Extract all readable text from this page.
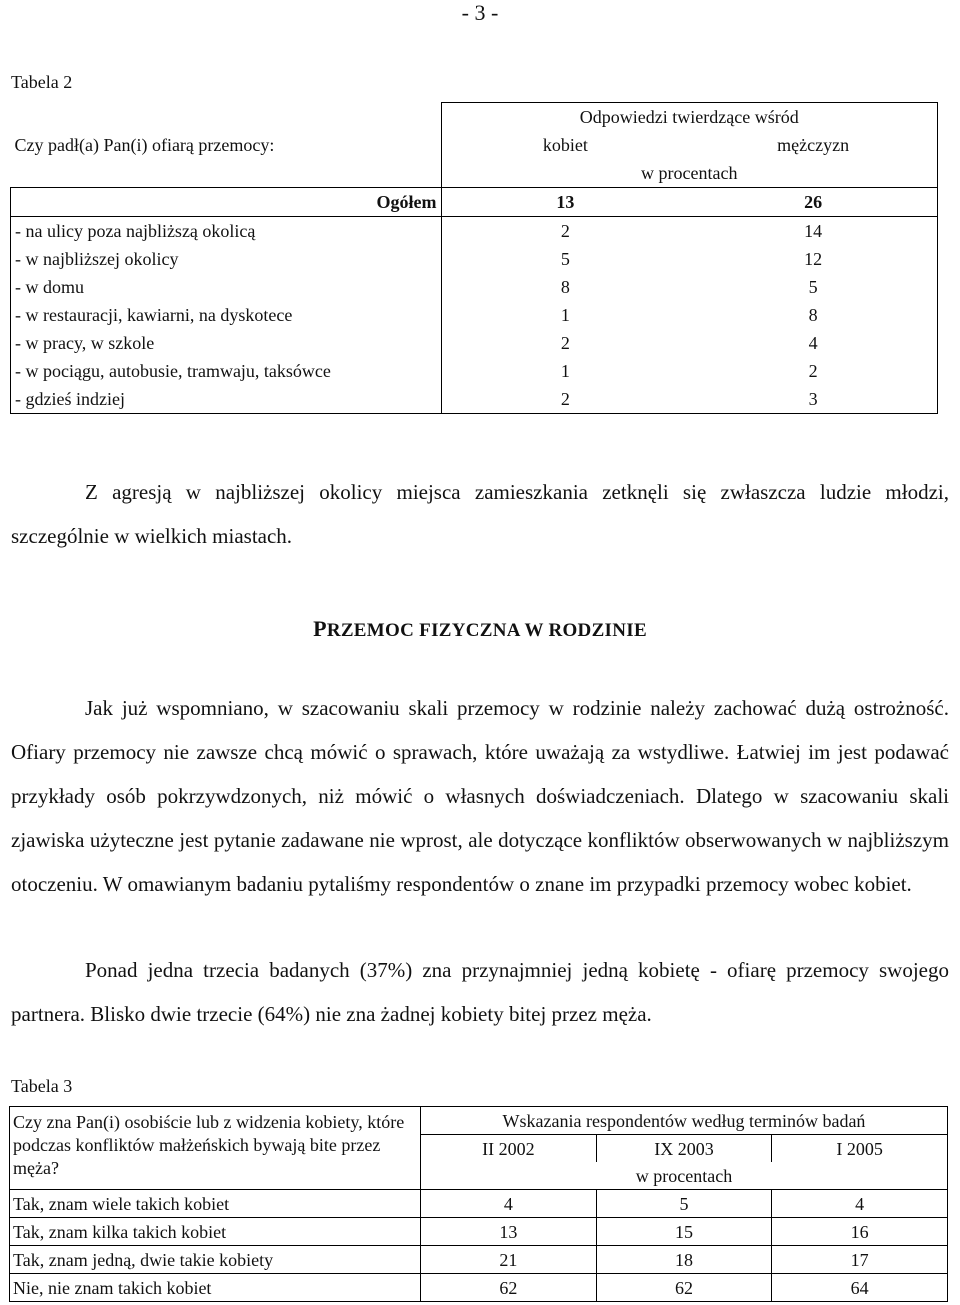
- 3 -
Tabela 2
	Odpowiedzi twierdzące wśród	
Czy padł(a) Pan(i) ofiarą przemocy:	kobiet	mężczyzn
	w procentach	
Ogółem	13	26
- na ulicy poza najbliższą okolicą	2	14
- w najbliższej okolicy	5	12
- w domu	8	5
- w restauracji, kawiarni, na dyskotece	1	8
- w pracy, w szkole	2	4
- w pociągu, autobusie, tramwaju, taksówce	1	2
- gdzieś indziej	2	3

Z agresją w najbliższej okolicy miejsca zamieszkania zetknęli się zwłaszcza ludzie młodzi, szczególnie w wielkich miastach.

PRZEMOC FIZYCZNA W RODZINIE

Jak już wspomniano, w szacowaniu skali przemocy w rodzinie należy zachować dużą ostrożność. Ofiary przemocy nie zawsze chcą mówić o sprawach, które uważają za wstydliwe. Łatwiej im jest podawać przykłady osób pokrzywdzonych, niż mówić o własnych doświadczeniach. Dlatego w szacowaniu skali zjawiska użyteczne jest pytanie zadawane nie wprost, ale dotyczące konfliktów obserwowanych w najbliższym otoczeniu. W omawianym badaniu pytaliśmy respondentów o znane im przypadki przemocy wobec kobiet.

Ponad jedna trzecia badanych (37%) zna przynajmniej jedną kobietę - ofiarę przemocy swojego partnera. Blisko dwie trzecie (64%) nie zna żadnej kobiety bitej przez męża.

Tabela 3
Czy zna Pan(i) osobiście lub z widzenia kobiety, które podczas konfliktów małżeńskich bywają bite przez męża?	Wskazania respondentów według terminów badań		
	II 2002	IX 2003	I 2005
	w procentach		
Tak, znam wiele takich kobiet	4	5	4
Tak, znam kilka takich kobiet	13	15	16
Tak, znam jedną, dwie takie kobiety	21	18	17
Nie, nie znam takich kobiet	62	62	64
